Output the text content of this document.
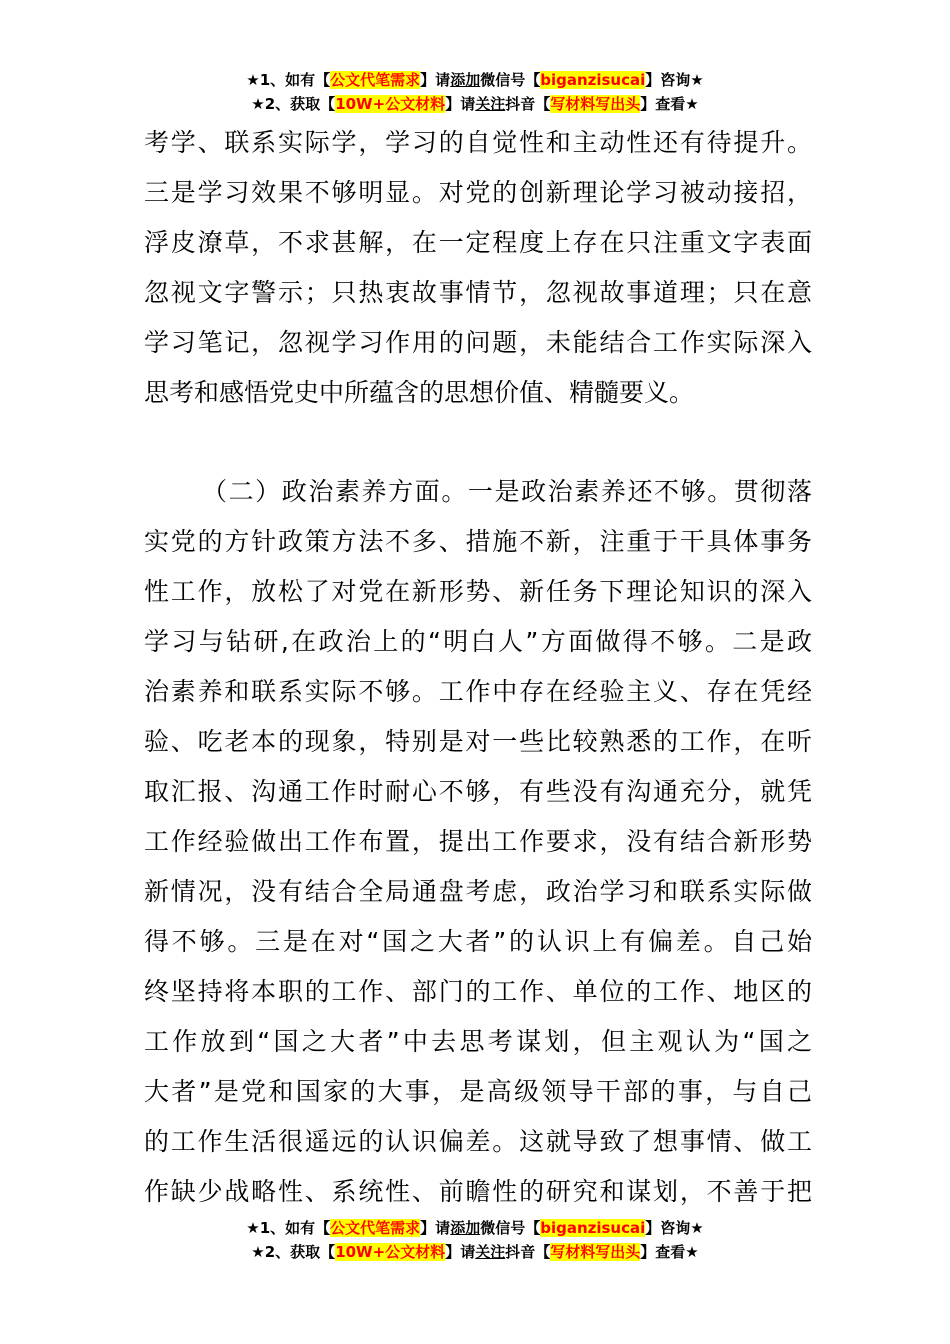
★1、如有【公文代笔需求】请添加微信号【biganzisucai】咨询★
★2、获取【10W+公文材料】请关注抖音【写材料写出头】查看★
考学、联系实际学，学习的自觉性和主动性还有待提升。
三是学习效果不够明显。对党的创新理论学习被动接招，
浮皮潦草，不求甚解，在一定程度上存在只注重文字表面
忽视文字警示；只热衷故事情节，忽视故事道理；只在意
学习笔记，忽视学习作用的问题，未能结合工作实际深入
思考和感悟党史中所蕴含的思想价值、精髓要义。
（二）政治素养方面。一是政治素养还不够。贯彻落
实党的方针政策方法不多、措施不新，注重于干具体事务
性工作，放松了对党在新形势、新任务下理论知识的深入
学习与钻研,在政治上的“明白人”方面做得不够。二是政
治素养和联系实际不够。工作中存在经验主义、存在凭经
验、吃老本的现象，特别是对一些比较熟悉的工作，在听
取汇报、沟通工作时耐心不够，有些没有沟通充分，就凭
工作经验做出工作布置，提出工作要求，没有结合新形势
新情况，没有结合全局通盘考虑，政治学习和联系实际做
得不够。三是在对“国之大者”的认识上有偏差。自己始
终坚持将本职的工作、部门的工作、单位的工作、地区的
工作放到“国之大者”中去思考谋划，但主观认为“国之
大者”是党和国家的大事，是高级领导干部的事，与自己
的工作生活很遥远的认识偏差。这就导致了想事情、做工
作缺少战略性、系统性、前瞻性的研究和谋划，不善于把
★1、如有【公文代笔需求】请添加微信号【biganzisucai】咨询★
★2、获取【10W+公文材料】请关注抖音【写材料写出头】查看★
